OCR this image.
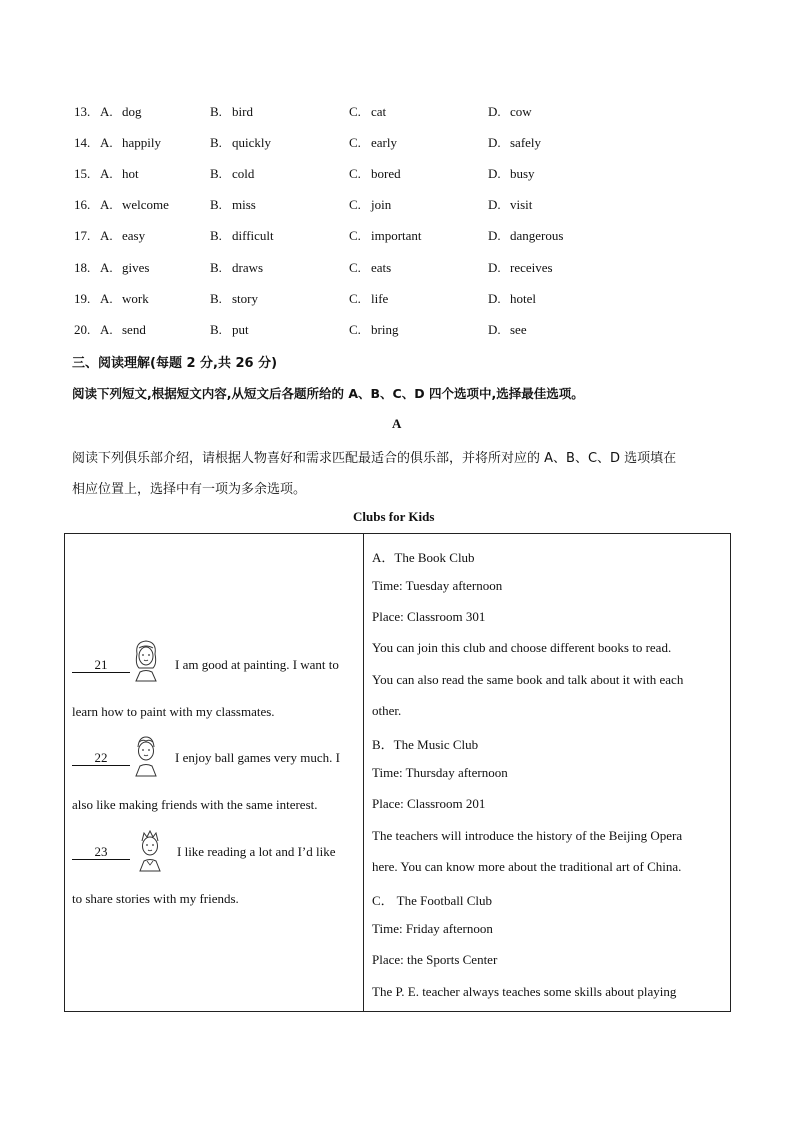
13. A. dog	B. bird	C. cat	D. cow
14. A. happily	B. quickly	C. early	D. safely
15. A. hot	B. cold	C. bored	D. busy
16. A. welcome	B. miss	C. join	D. visit
17. A. easy	B. difficult	C. important	D. dangerous
18. A. gives	B. draws	C. eats	D. receives
19. A. work	B. story	C. life	D. hotel
20. A. send	B. put	C. bring	D. see
三、阅读理解(每题 2 分,共 26 分)
阅读下列短文,根据短文内容,从短文后各题所给的 A、B、C、D 四个选项中,选择最佳选项。
A
阅读下列俱乐部介绍，请根据人物喜好和需求匹配最适合的俱乐部，并将所对应的 A、B、C、D 选项填在
相应位置上，选择中有一项为多余选项。
Clubs for Kids
21	I am good at painting. I want to
learn how to paint with my classmates.
22	I enjoy ball games very much. I
also like making friends with the same interest.
23	I like reading a lot and I’d like
to share stories with my friends.

A．The Book Club
Time: Tuesday afternoon
Place: Classroom 301
You can join this club and choose different books to read.
You can also read the same book and talk about it with each
other.
B．The Music Club
Time: Thursday afternoon
Place: Classroom 201
The teachers will introduce the history of the Beijing Opera
here. You can know more about the traditional art of China.
C． The Football Club
Time: Friday afternoon
Place: the Sports Center
The P. E. teacher always teaches some skills about playing
